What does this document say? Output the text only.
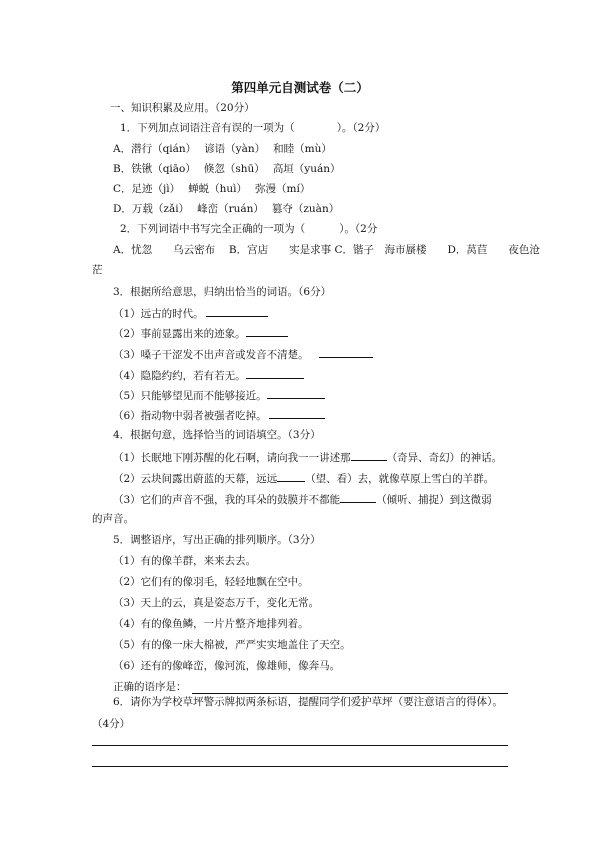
第四单元自测试卷（二）
一、知识积累及应用。（20分）
1．下列加点词语注音有误的一项为（	）。（2分）
A．潜行（qián） 谚语（yàn） 和睦（mù）
B．铁锹（qiāo） 倏忽（shū） 高垣（yuán）
C．足迹（jì） 蝉蜕（huì） 弥漫（mí）
D．万载（zǎi） 峰峦（ruán） 篡夺（zuàn）
2．下列词语中书写完全正确的一项为（	）。（2分
A．忧忽　　乌云密布　 B．宫店　　实是求事 C．锴子　海市蜃楼　　D．莴苣　　夜色沧
茫
3．根据所给意思，归纳出恰当的词语。（6分）
（1）远古的时代。
（2）事前显露出来的迹象。
（3）嗓子干涩发不出声音或发音不清楚。
（4）隐隐约约，若有若无。
（5）只能够望见而不能够接近。
（6）指动物中弱者被强者吃掉。
4．根据句意，选择恰当的词语填空。（3分）
（1）长眠地下刚苏醒的化石啊，请向我一一讲述那	（奇异、奇幻）的神话。
（2）云块间露出蔚蓝的天幕，远远	（望、看）去，就像草原上雪白的羊群。
（3）它们的声音不强，我的耳朵的鼓膜并不都能	（倾听、捕捉）到这微弱
的声音。
5．调整语序，写出正确的排列顺序。（3分）
（1）有的像羊群，来来去去。
（2）它们有的像羽毛，轻轻地飘在空中。
（3）天上的云，真是姿态万千，变化无常。
（4）有的像鱼鳞，一片片整齐地排列着。
（5）有的像一床大棉被，严严实实地盖住了天空。
（6）还有的像峰峦，像河流，像雄师，像奔马。
正确的语序是：
6．请你为学校草坪警示牌拟两条标语，提醒同学们爱护草坪（要注意语言的得体）。
（4分）
